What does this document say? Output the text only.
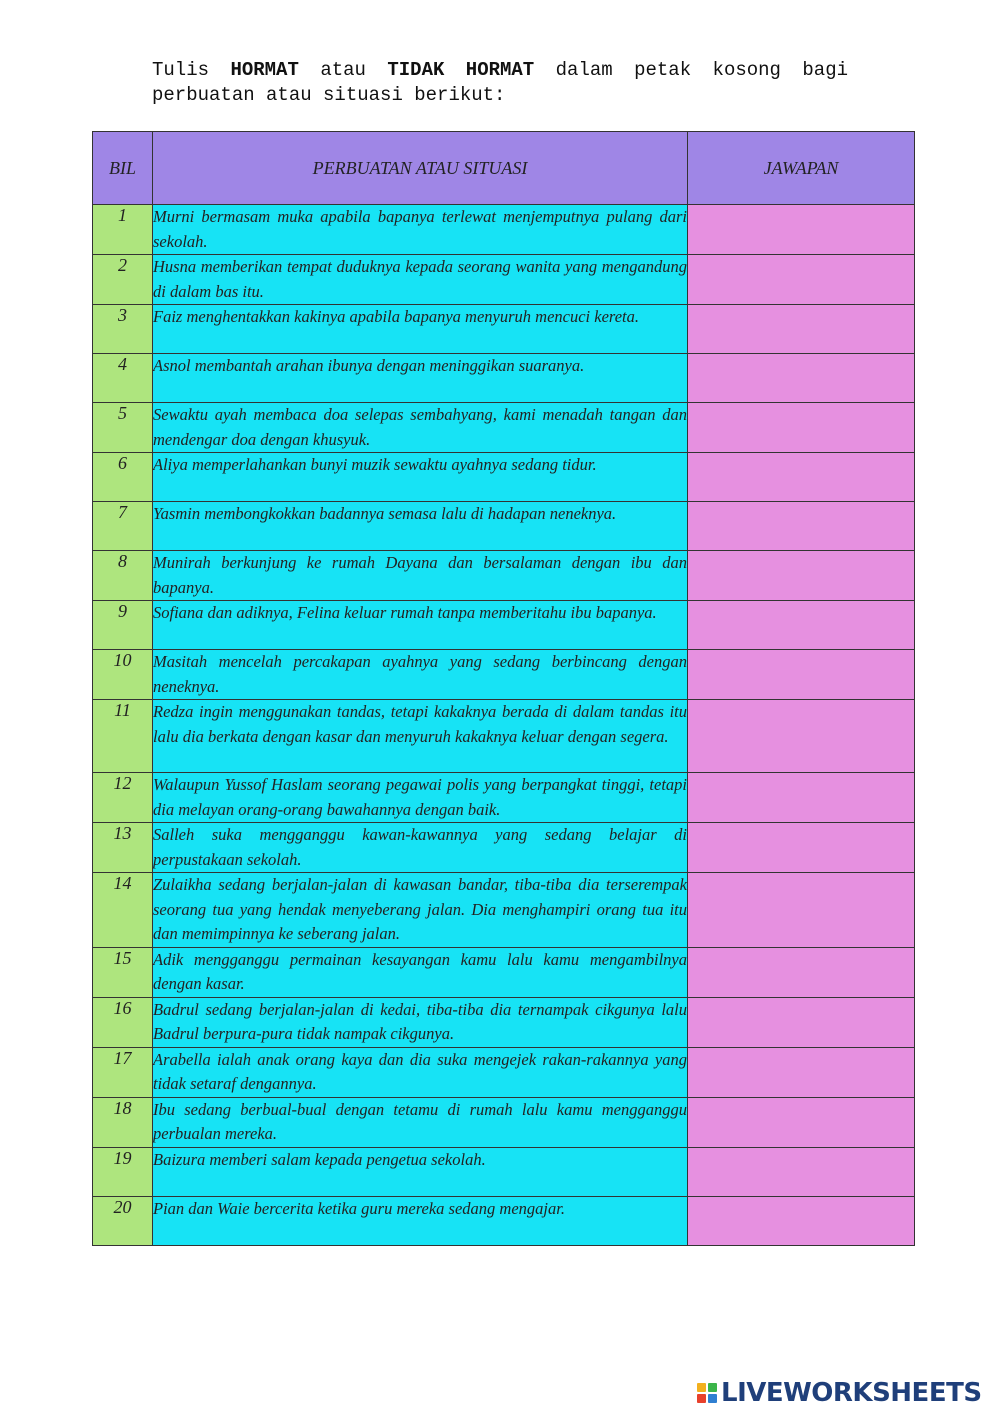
Tulis HORMAT atau TIDAK HORMAT dalam petak kosong bagi perbuatan atau situasi berikut:
BIL	PERBUATAN ATAU SITUASI	JAWAPAN
1	Murni bermasam muka apabila bapanya terlewat menjemputnya pulang dari sekolah.	
2	Husna memberikan tempat duduknya kepada seorang wanita yang mengandung di dalam bas itu.	
3	Faiz menghentakkan kakinya apabila bapanya menyuruh mencuci kereta.	
4	Asnol membantah arahan ibunya dengan meninggikan suaranya.	
5	Sewaktu ayah membaca doa selepas sembahyang, kami menadah tangan dan mendengar doa dengan khusyuk.	
6	Aliya memperlahankan bunyi muzik sewaktu ayahnya sedang tidur.	
7	Yasmin membongkokkan badannya semasa lalu di hadapan neneknya.	
8	Munirah berkunjung ke rumah Dayana dan bersalaman dengan ibu dan bapanya.	
9	Sofiana dan adiknya, Felina keluar rumah tanpa memberitahu ibu bapanya.	
10	Masitah mencelah percakapan ayahnya yang sedang berbincang dengan neneknya.	
11	Redza ingin menggunakan tandas, tetapi kakaknya berada di dalam tandas itu lalu dia berkata dengan kasar dan menyuruh kakaknya keluar dengan segera.	
12	Walaupun Yussof Haslam seorang pegawai polis yang berpangkat tinggi, tetapi dia melayan orang-orang bawahannya dengan baik.	
13	Salleh suka mengganggu kawan-kawannya yang sedang belajar di perpustakaan sekolah.	
14	Zulaikha sedang berjalan-jalan di kawasan bandar, tiba-tiba dia terserempak seorang tua yang hendak menyeberang jalan. Dia menghampiri orang tua itu dan memimpinnya ke seberang jalan.	
15	Adik mengganggu permainan kesayangan kamu lalu kamu mengambilnya dengan kasar.	
16	Badrul sedang berjalan-jalan di kedai, tiba-tiba dia ternampak cikgunya lalu Badrul berpura-pura tidak nampak cikgunya.	
17	Arabella ialah anak orang kaya dan dia suka mengejek rakan-rakannya yang tidak setaraf dengannya.	
18	Ibu sedang berbual-bual dengan tetamu di rumah lalu kamu mengganggu perbualan mereka.	
19	Baizura memberi salam kepada pengetua sekolah.	
20	Pian dan Waie bercerita ketika guru mereka sedang mengajar.	
LIVEWORKSHEETS
